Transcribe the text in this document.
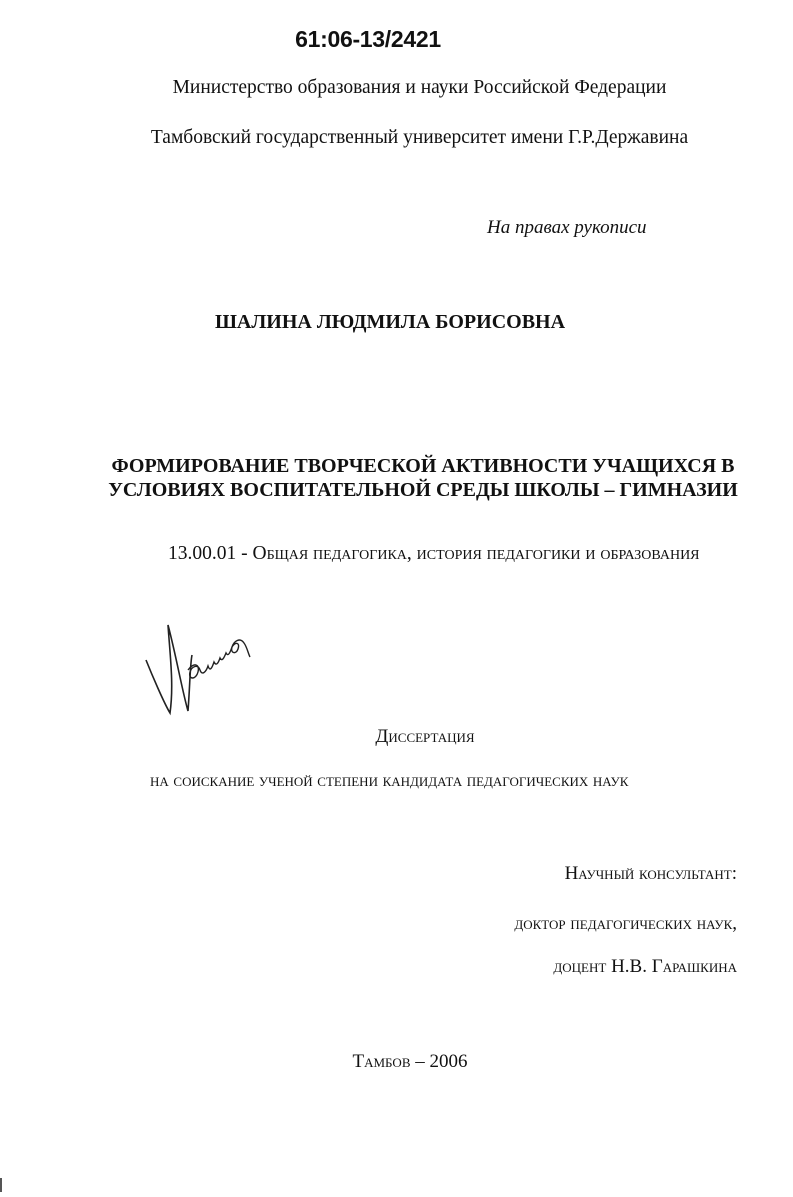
61:06-13/2421
Министерство образования и науки Российской Федерации
Тамбовский государственный университет имени Г.Р.Державина
На правах рукописи
ШАЛИНА ЛЮДМИЛА БОРИСОВНА
ФОРМИРОВАНИЕ ТВОРЧЕСКОЙ АКТИВНОСТИ УЧАЩИХСЯ В
УСЛОВИЯХ ВОСПИТАТЕЛЬНОЙ СРЕДЫ ШКОЛЫ – ГИМНАЗИИ
13.00.01 - Общая педагогика, история педагогики и образования
Диссертация
на соискание ученой степени кандидата педагогических наук
Научный консультант:
доктор педагогических наук,
доцент Н.В. Гарашкина
Тамбов – 2006
